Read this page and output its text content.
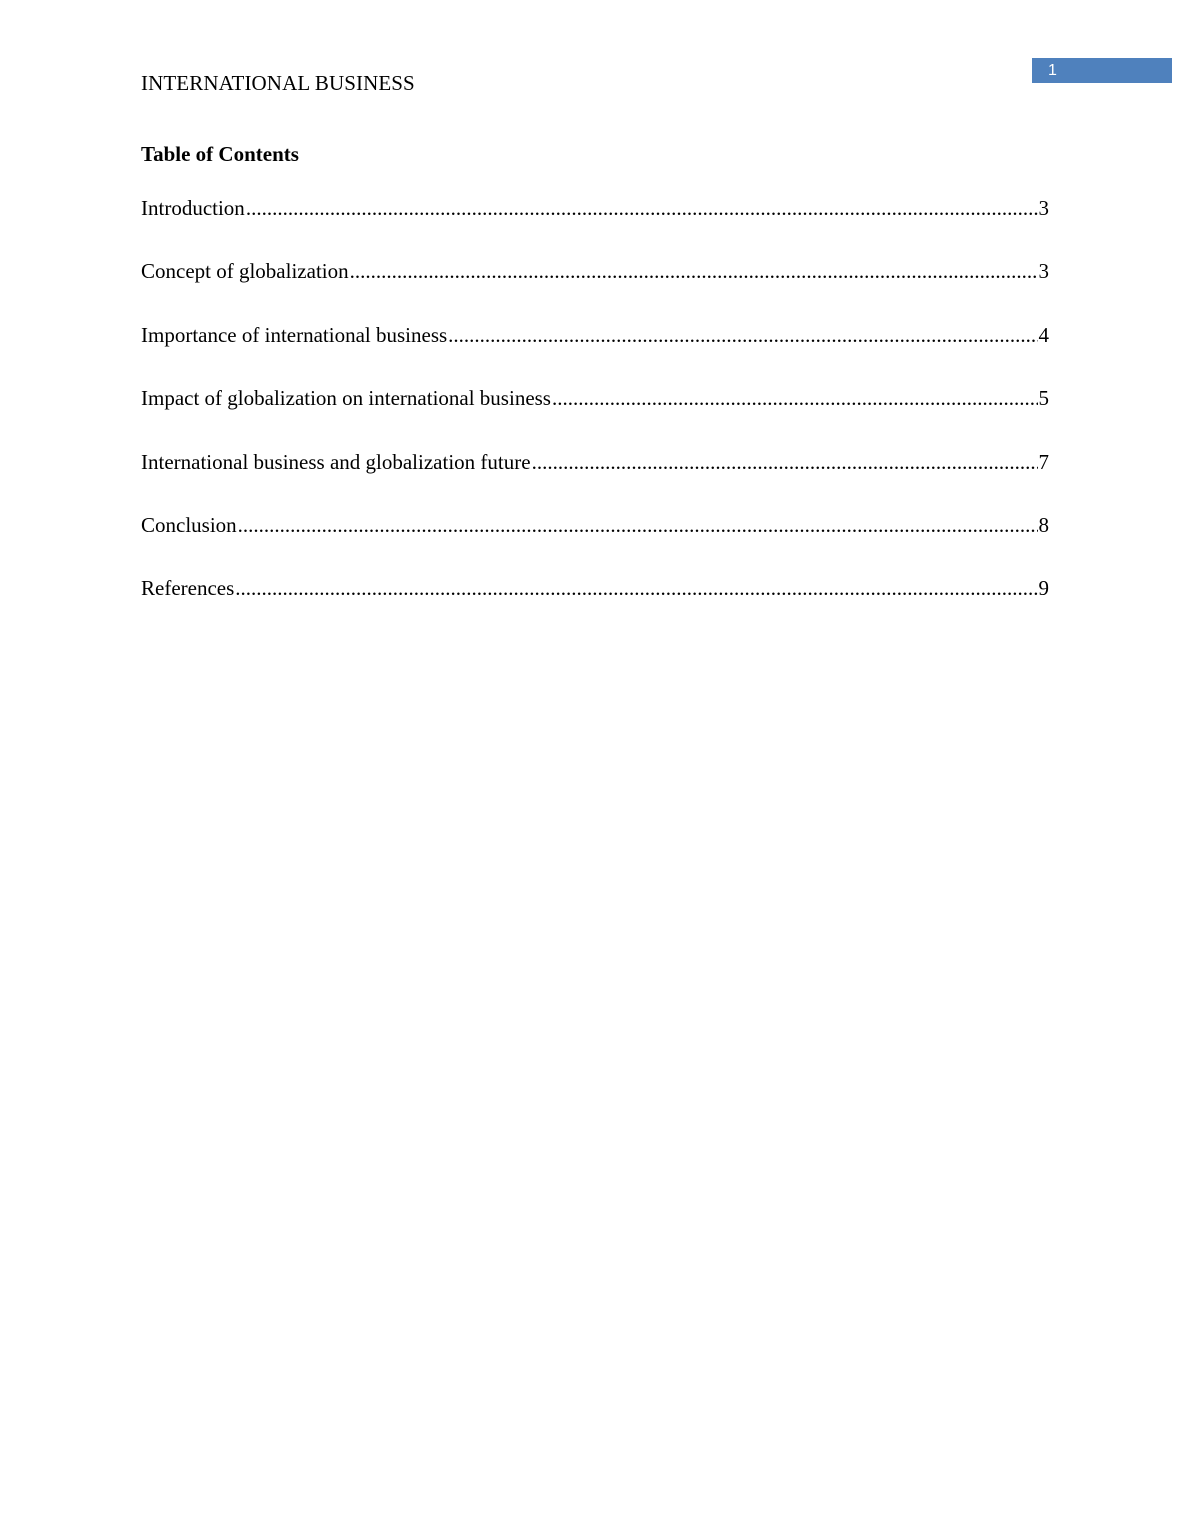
1
INTERNATIONAL BUSINESS
Table of Contents
Introduction .....	3
Concept of globalization .....	3
Importance of international business .....	4
Impact of globalization on international business .....	5
International business and globalization future .....	7
Conclusion .....	8
References .....	9
